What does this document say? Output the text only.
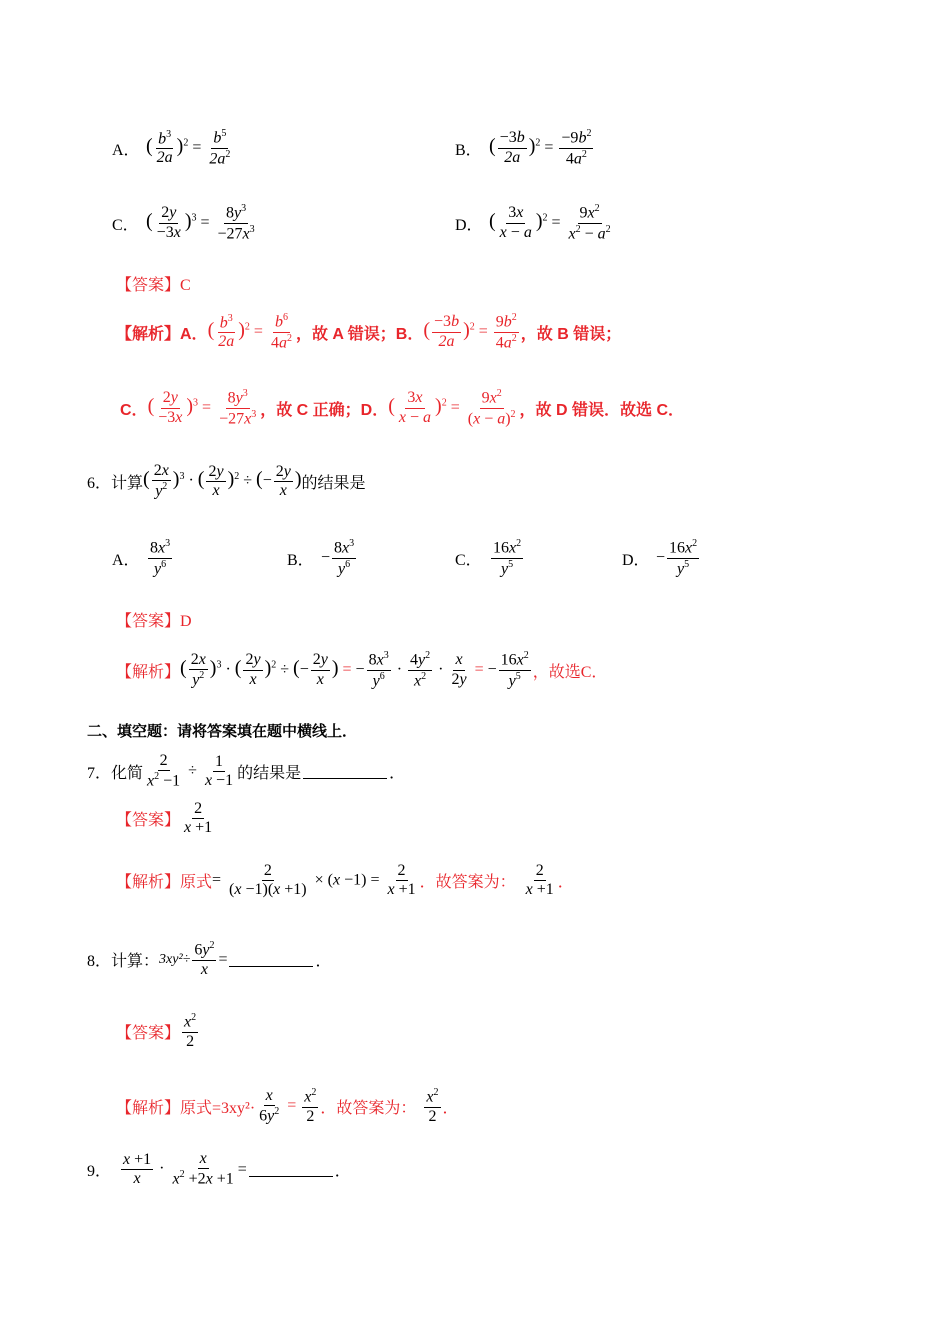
A． ( $\frac{b^3}{2a} )^2 = \frac{b^5}{2a^2}$	B． ( $\frac{-3b}{2a} )^2 = \frac{-9b^2}{4a^2}$
C． ( $\frac{2y}{-3x} )^3 = \frac{8y^3}{-27x^3}$	D． ( $\frac{3x}{x - a} )^2 = \frac{9x^2}{x^2 - a^2}$
【答案】C
【解析】A． ( $\frac{b^3}{2a} )^2 = \frac{b^6}{4a^2}$ ，故 A 错误；B． ( $\frac{-3b}{2a} )^2 = \frac{9b^2}{4a^2}$ ，故 B 错误；
C． ( $\frac{2y}{-3x} )^3 = \frac{8y^3}{-27x^3}$ ，故 C 正确；D． ( $\frac{3x}{x - a} )^2 = \frac{9x^2}{(x - a)^2}$ ，故 D 错误．故选 C．
6．计算 ( $\frac{2x}{y^2} )^3$ · ( $\frac{2y}{x} )^2$ ÷ (− $\frac{2y}{x}$ ) 的结果是
A． $\frac{8x^3}{y^6}$	B． − $\frac{8x^3}{y^6}$	C． $\frac{16x^2}{y^5}$	D． − $\frac{16x^2}{y^5}$
【答案】D
【解析】 ( $\frac{2x}{y^2} )^3$ · ( $\frac{2y}{x} )^2$ ÷ (− $\frac{2y}{x}$ ) = − $\frac{8x^3}{y^6} \cdot \frac{4y^2}{x^2} \cdot \frac{x}{2y}$ = − $\frac{16x^2}{y^5}$ ，故选C．
二、填空题：请将答案填在题中横线上．
7．化简 $\frac{2}{x^2 -1} \div \frac{1}{x -1}$ 的结果是	．
【答案】 $\frac{2}{x +1}$
【解析】原式 = $\frac{2}{(x -1)(x +1)} \times (x -1) = \frac{2}{x +1}$ ．故答案为： $\frac{2}{x +1}$ ．
8．计算： $3xy^2\div \frac{6y^2}{x}$ =	．
【答案】 $\frac{x^2}{2}$
【解析】原式$=3xy^2\cdot \frac{x}{6y^2} = \frac{x^2}{2}$ ．故答案为： $\frac{x^2}{2}$ ．
9． $\frac{x +1}{x} \cdot \frac{x}{x^2 +2x +1}$ =	．
